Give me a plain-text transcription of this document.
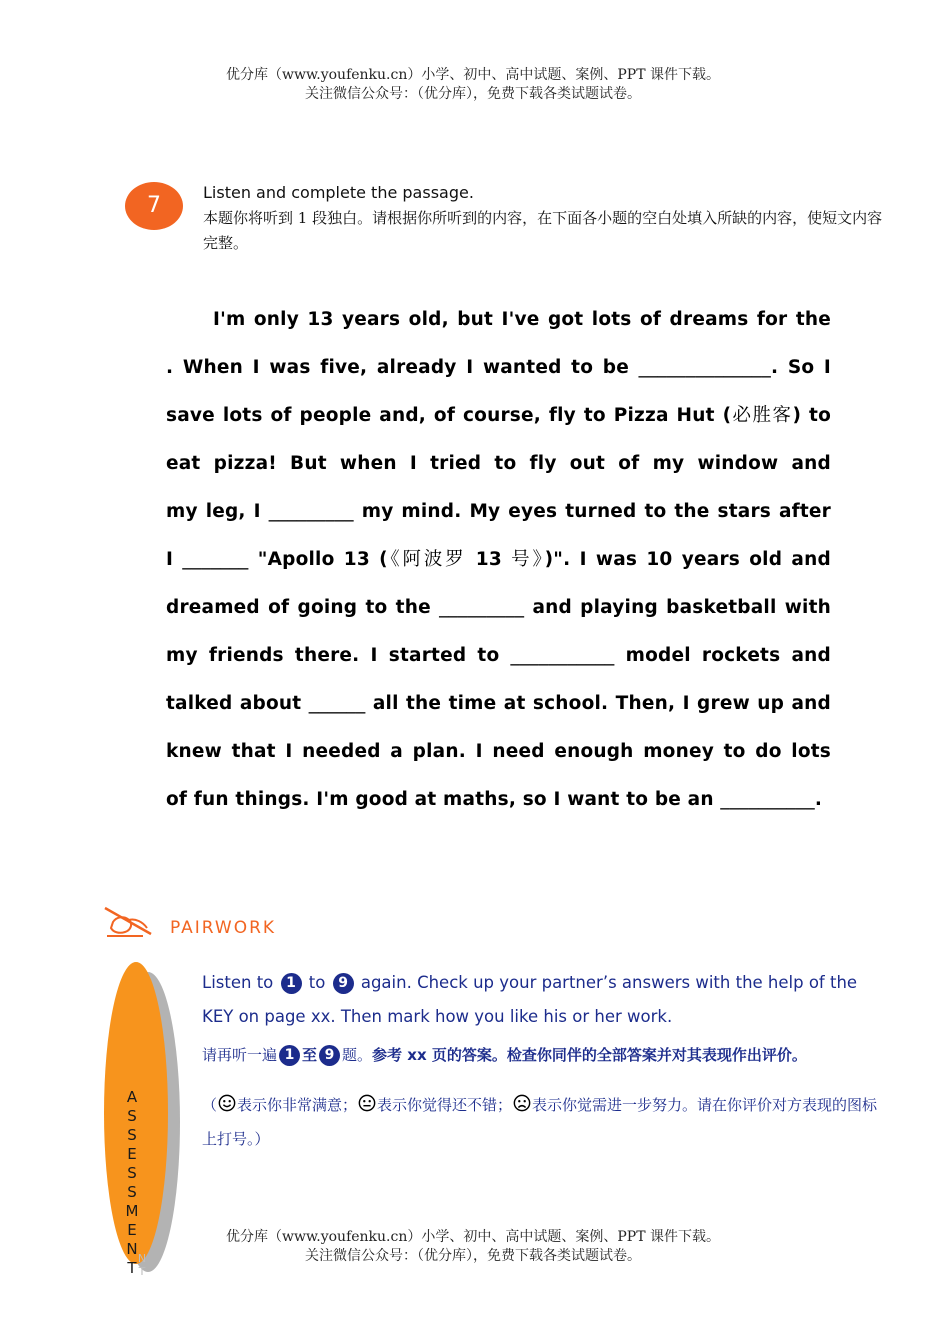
优分库（www.youfenku.cn）小学、初中、高中试题、案例、PPT 课件下载。
关注微信公众号：（优分库），免费下载各类试题试卷。
7
Listen and complete the passage.
本题你将听到 1 段独白。请根据你所听到的内容，在下面各小题的空白处填入所缺的内容，使短文内容完整。
I'm only 13 years old, but I've got lots of dreams for the
. When I was five, already I wanted to be ______________. So I
save lots of people and, of course, fly to Pizza Hut (必胜客) to
eat pizza! But when I tried to fly out of my window and
my leg, I _________ my mind. My eyes turned to the stars after
I _______ "Apollo 13 (《阿波罗 13 号》)". I was 10 years old and
dreamed of going to the _________ and playing basketball with
my friends there. I started to ___________ model rockets and
talked about ______ all the time at school. Then, I grew up and
knew that I needed a plan. I need enough money to do lots
of fun things. I'm good at maths, so I want to be an __________.
PAIRWORK
A
S
S
E
S
S
M
E
N
T
N
T
Listen to 1 to 9 again. Check up your partner’s answers with the help of the KEY on page xx. Then mark how you like his or her work.
请再听一遍 1 至 9 题。参考 xx 页的答案。检查你同伴的全部答案并对其表现作出评价。
（ 表示你非常满意； 表示你觉得还不错； 表示你觉需进一步努力。请在你评价对方表现的图标上打号。）
优分库（www.youfenku.cn）小学、初中、高中试题、案例、PPT 课件下载。
关注微信公众号：（优分库），免费下载各类试题试卷。
